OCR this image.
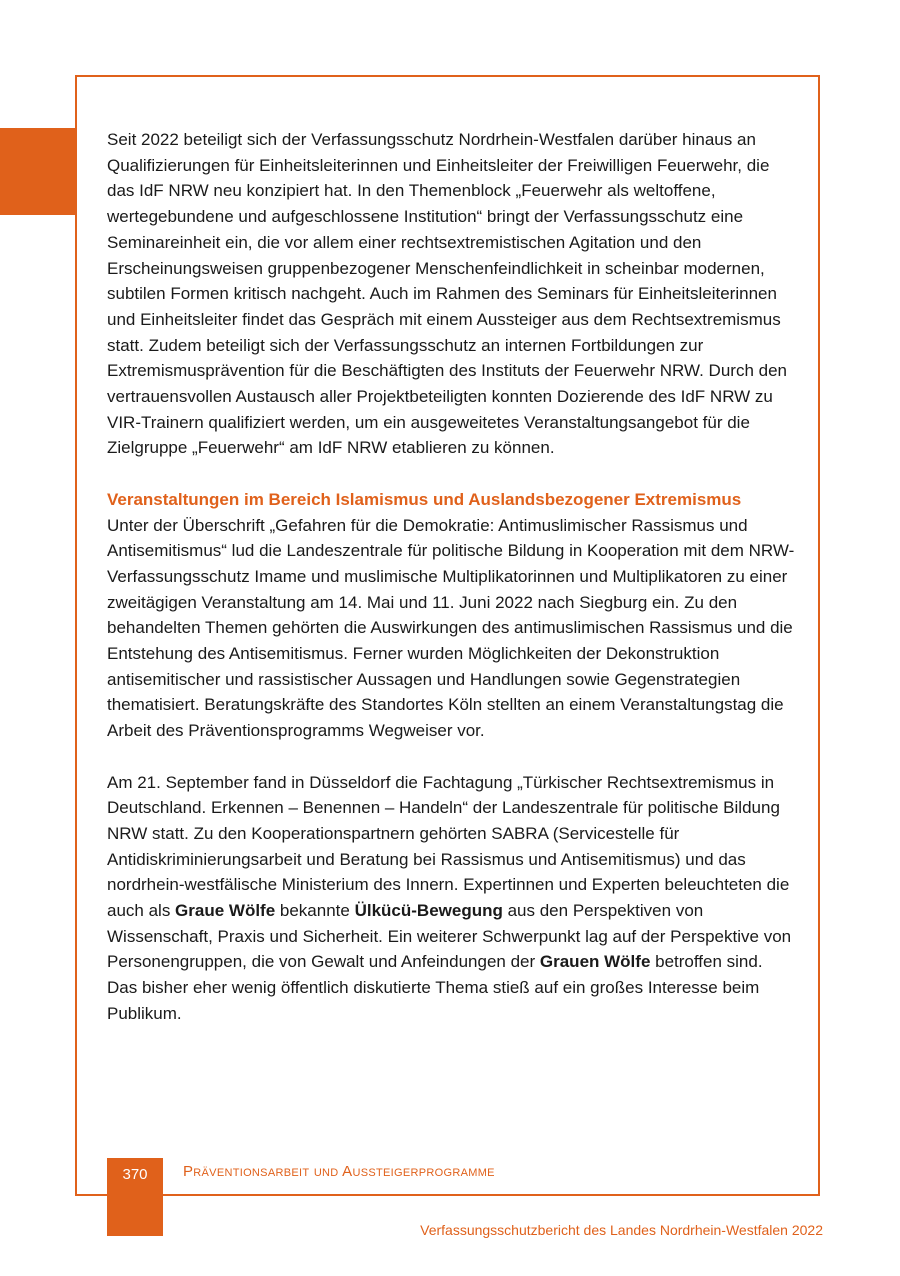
Seit 2022 beteiligt sich der Verfassungsschutz Nordrhein-Westfalen darüber hinaus an Qualifizierungen für Einheitsleiterinnen und Einheitsleiter der Freiwilligen Feuerwehr, die das IdF NRW neu konzipiert hat. In den Themenblock „Feuerwehr als weltoffene, wertegebundene und aufgeschlossene Institution“ bringt der Verfassungsschutz eine Seminareinheit ein, die vor allem einer rechtsextremistischen Agitation und den Erscheinungsweisen gruppenbezogener Menschenfeindlichkeit in scheinbar modernen, subtilen Formen kritisch nachgeht. Auch im Rahmen des Seminars für Einheitsleiterinnen und Einheitsleiter findet das Gespräch mit einem Aussteiger aus dem Rechtsextremismus statt. Zudem beteiligt sich der Verfassungsschutz an internen Fortbildungen zur Extremismusprävention für die Beschäftigten des Instituts der Feuerwehr NRW. Durch den vertrauensvollen Austausch aller Projektbeteiligten konnten Dozierende des IdF NRW zu VIR-Trainern qualifiziert werden, um ein ausgeweitetes Veranstaltungsangebot für die Zielgruppe „Feuerwehr“ am IdF NRW etablieren zu können.

Veranstaltungen im Bereich Islamismus und Auslandsbezogener Extremismus

Unter der Überschrift „Gefahren für die Demokratie: Antimuslimischer Rassismus und Antisemitismus“ lud die Landeszentrale für politische Bildung in Kooperation mit dem NRW-Verfassungsschutz Imame und muslimische Multiplikatorinnen und Multiplikatoren zu einer zweitägigen Veranstaltung am 14. Mai und 11. Juni 2022 nach Siegburg ein. Zu den behandelten Themen gehörten die Auswirkungen des antimuslimischen Rassismus und die Entstehung des Antisemitismus. Ferner wurden Möglichkeiten der Dekonstruktion antisemitischer und rassistischer Aussagen und Handlungen sowie Gegenstrategien thematisiert. Beratungskräfte des Standortes Köln stellten an einem Veranstaltungstag die Arbeit des Präventionsprogramms Wegweiser vor.

Am 21. September fand in Düsseldorf die Fachtagung „Türkischer Rechtsextremismus in Deutschland. Erkennen – Benennen – Handeln“ der Landeszentrale für politische Bildung NRW statt. Zu den Kooperationspartnern gehörten SABRA (Servicestelle für Antidiskriminierungsarbeit und Beratung bei Rassismus und Antisemitismus) und das nordrhein-westfälische Ministerium des Innern. Expertinnen und Experten beleuchteten die auch als Graue Wölfe bekannte Ülkücü-Bewegung aus den Perspektiven von Wissenschaft, Praxis und Sicherheit. Ein weiterer Schwerpunkt lag auf der Perspektive von Personengruppen, die von Gewalt und Anfeindungen der Grauen Wölfe betroffen sind. Das bisher eher wenig öffentlich diskutierte Thema stieß auf ein großes Interesse beim Publikum.

370	Präventionsarbeit und Aussteigerprogramme
Verfassungsschutzbericht des Landes Nordrhein-Westfalen 2022
